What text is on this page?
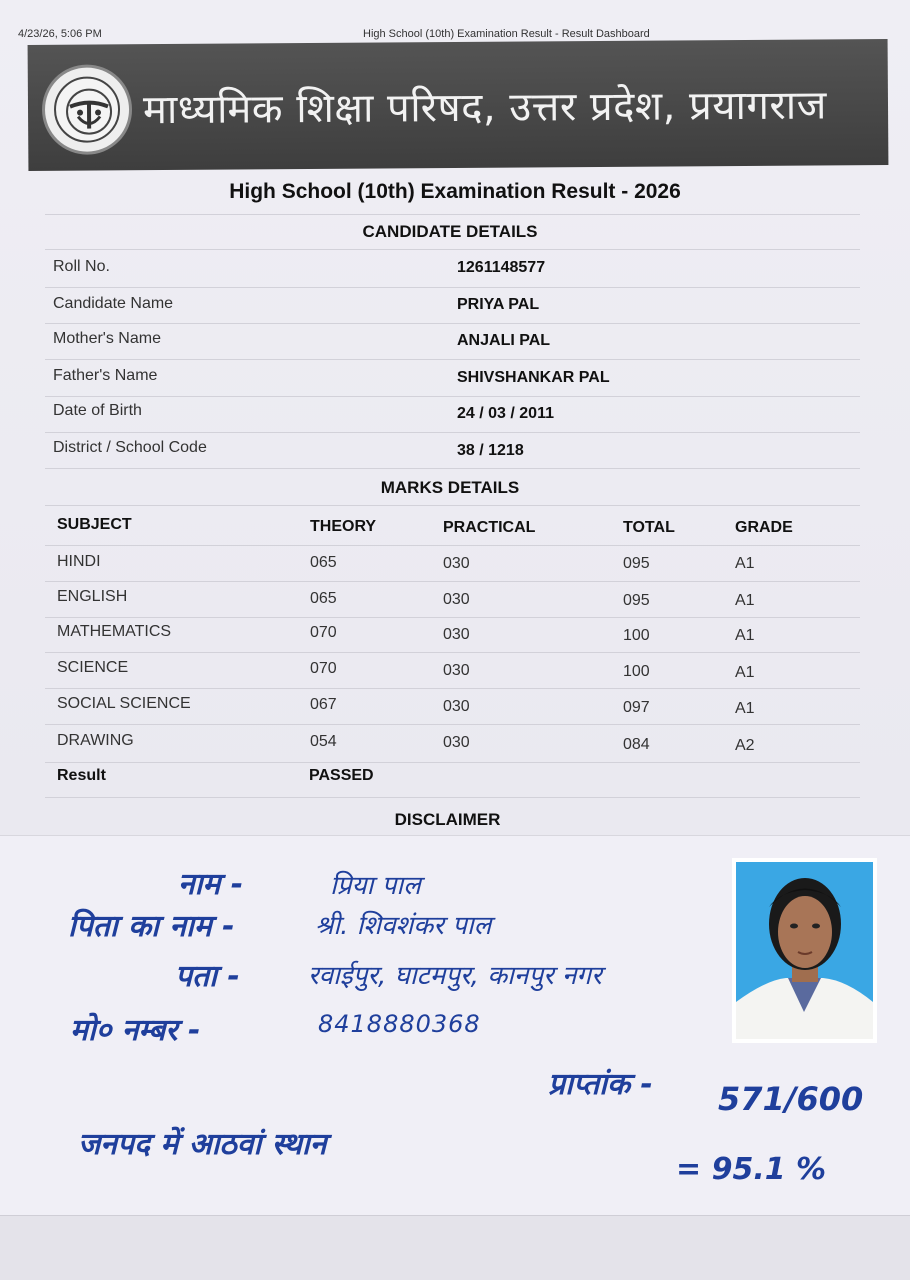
4/23/26, 5:06 PM	High School (10th) Examination Result - Result Dashboard
माध्यमिक शिक्षा परिषद, उत्तर प्रदेश, प्रयागराज
High School (10th) Examination Result - 2026
CANDIDATE DETAILS
Roll No.	1261148577
Candidate Name	PRIYA PAL
Mother's Name	ANJALI PAL
Father's Name	SHIVSHANKAR PAL
Date of Birth	24 / 03 / 2011
District / School Code	38 / 1218
MARKS DETAILS
SUBJECT	THEORY	PRACTICAL	TOTAL	GRADE
HINDI	065	030	095	A1
ENGLISH	065	030	095	A1
MATHEMATICS	070	030	100	A1
SCIENCE	070	030	100	A1
SOCIAL SCIENCE	067	030	097	A1
DRAWING	054	030	084	A2
Result	PASSED
DISCLAIMER
नाम -	प्रिया पाल
पिता का नाम -	श्री. शिवशंकर पाल
पता -	रवाईपुर, घाटमपुर, कानपुर नगर
मो० नम्बर -	8418880368
प्राप्तांक - 571/600
जनपद में आठवां स्थान
= 95.1 %
